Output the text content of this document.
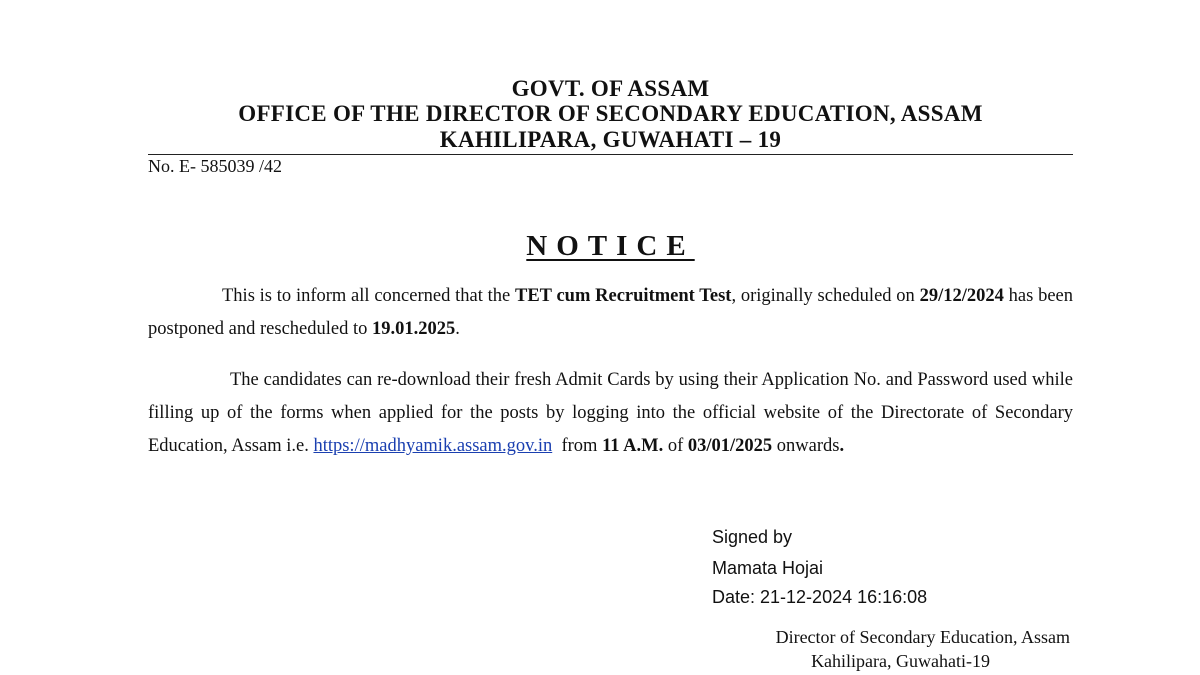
GOVT. OF ASSAM
OFFICE OF THE DIRECTOR OF SECONDARY EDUCATION, ASSAM
KAHILIPARA, GUWAHATI – 19
No. E- 585039 /42
NOTICE
This is to inform all concerned that the TET cum Recruitment Test, originally scheduled on 29/12/2024 has been postponed and rescheduled to 19.01.2025.
The candidates can re-download their fresh Admit Cards by using their Application No. and Password used while filling up of the forms when applied for the posts by logging into the official website of the Directorate of Secondary Education, Assam i.e. https://madhyamik.assam.gov.in  from 11 A.M. of 03/01/2025 onwards.
Signed by
Mamata Hojai
Date: 21-12-2024 16:16:08
Director of Secondary Education, Assam
Kahilipara, Guwahati-19
